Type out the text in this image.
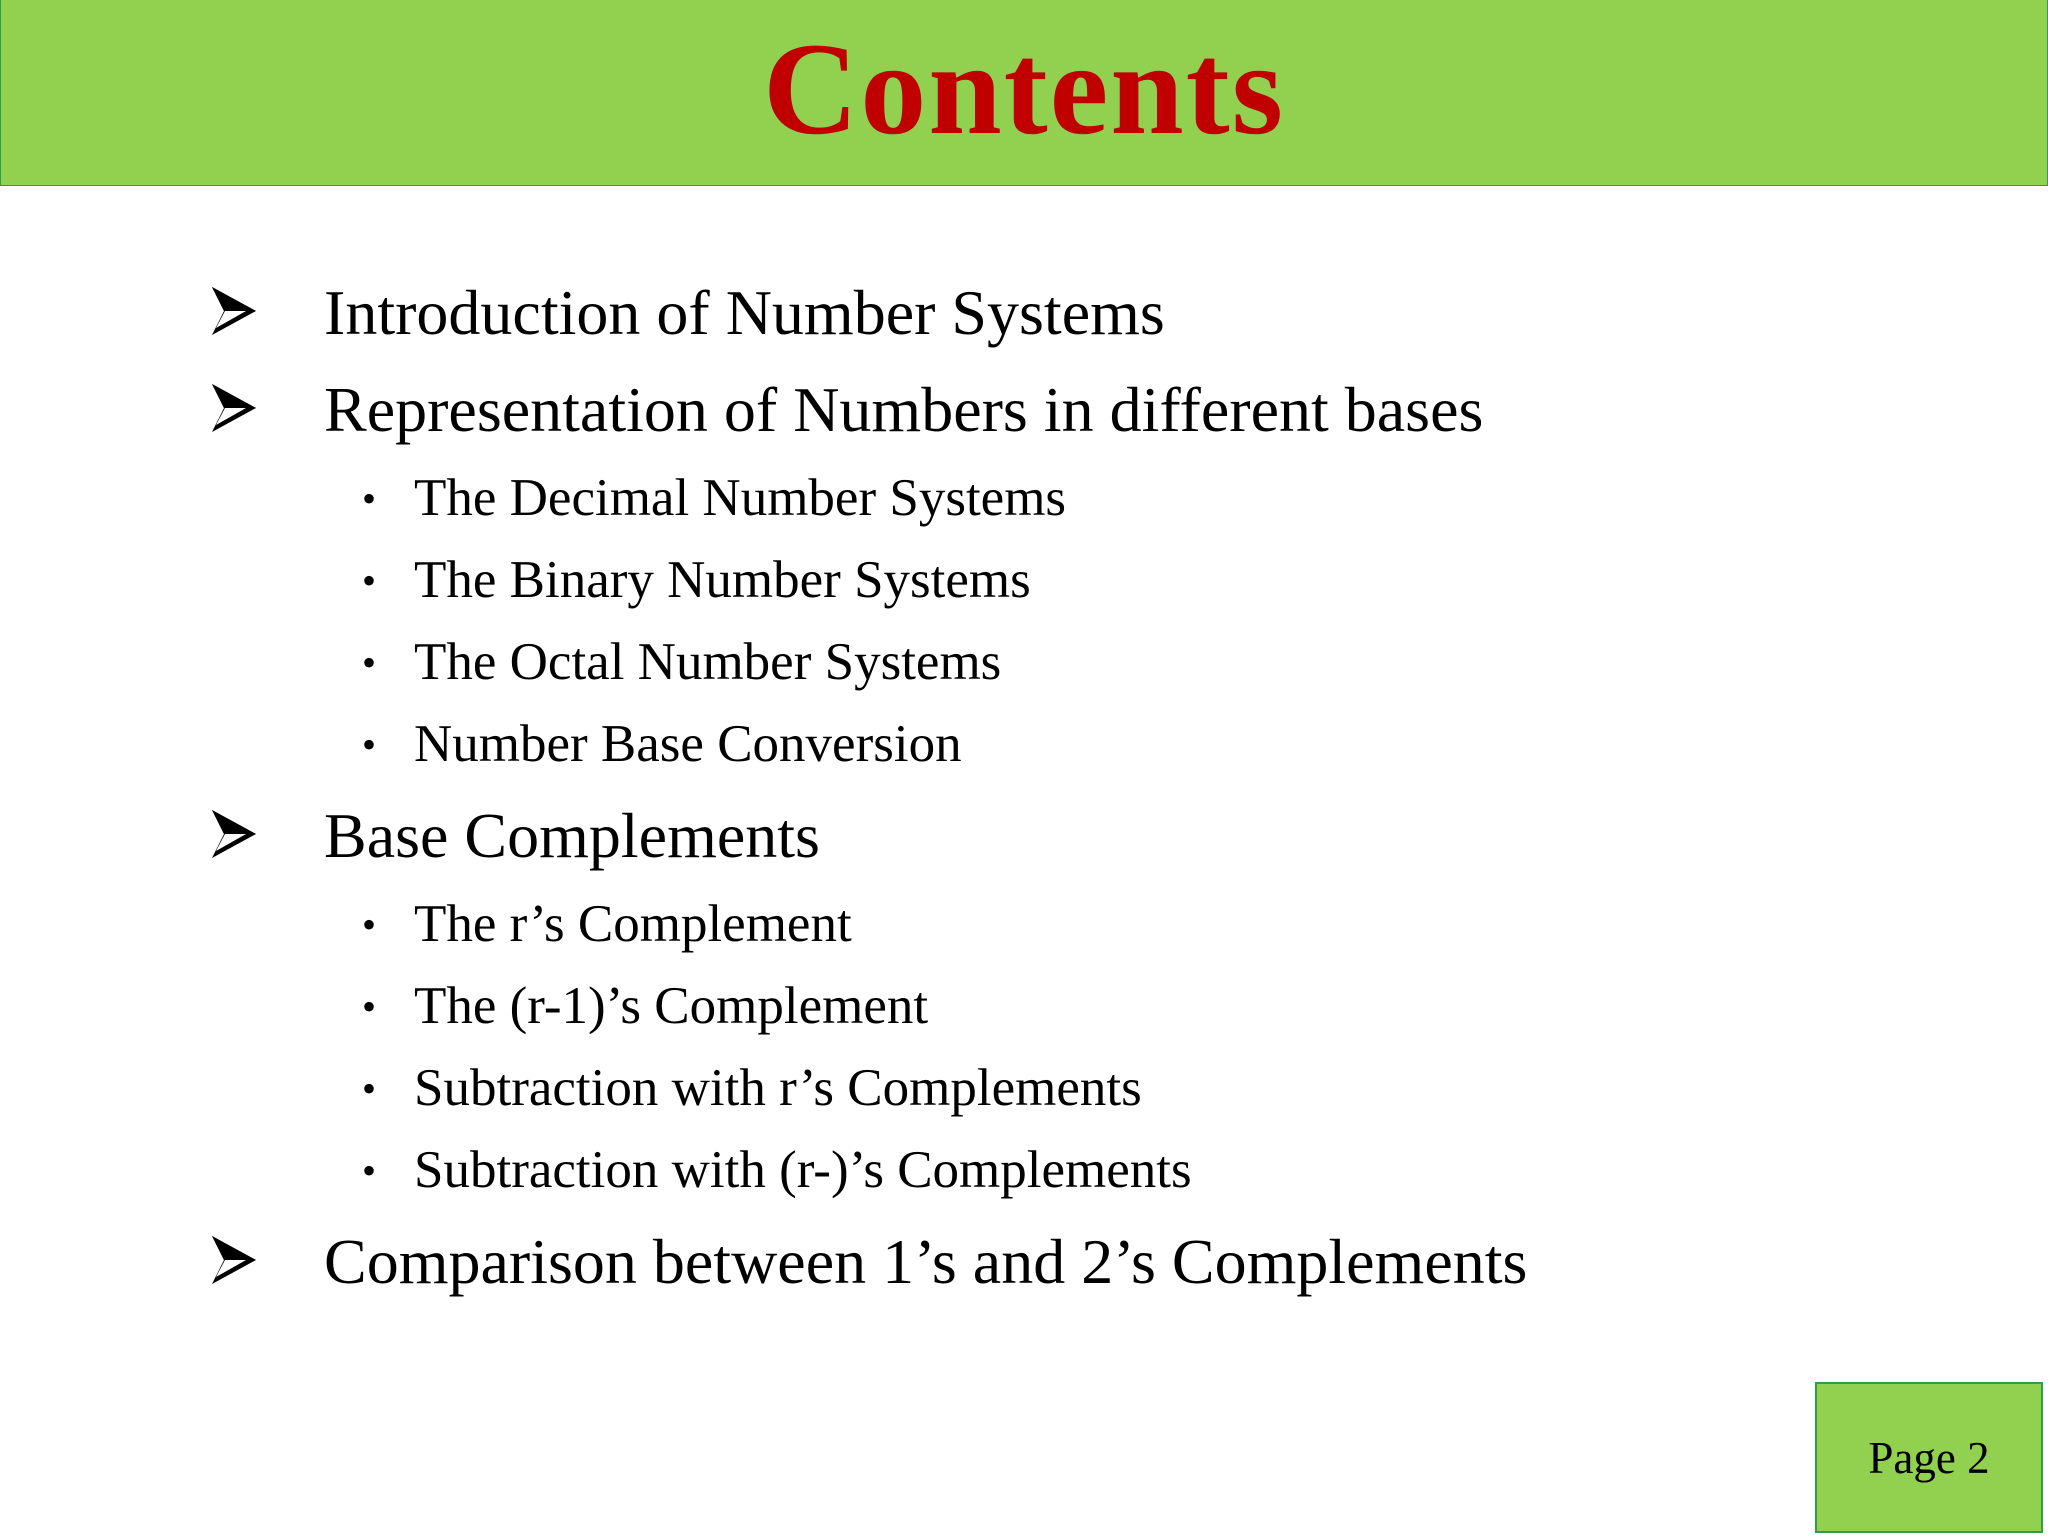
Contents
Introduction of Number Systems
Representation of Numbers in different bases
• The Decimal Number Systems
• The Binary Number Systems
• The Octal Number Systems
• Number Base Conversion
Base Complements
• The r’s Complement
• The (r-1)’s Complement
• Subtraction with r’s Complements
• Subtraction with (r-)’s Complements
Comparison between 1’s and 2’s Complements
Page 2
